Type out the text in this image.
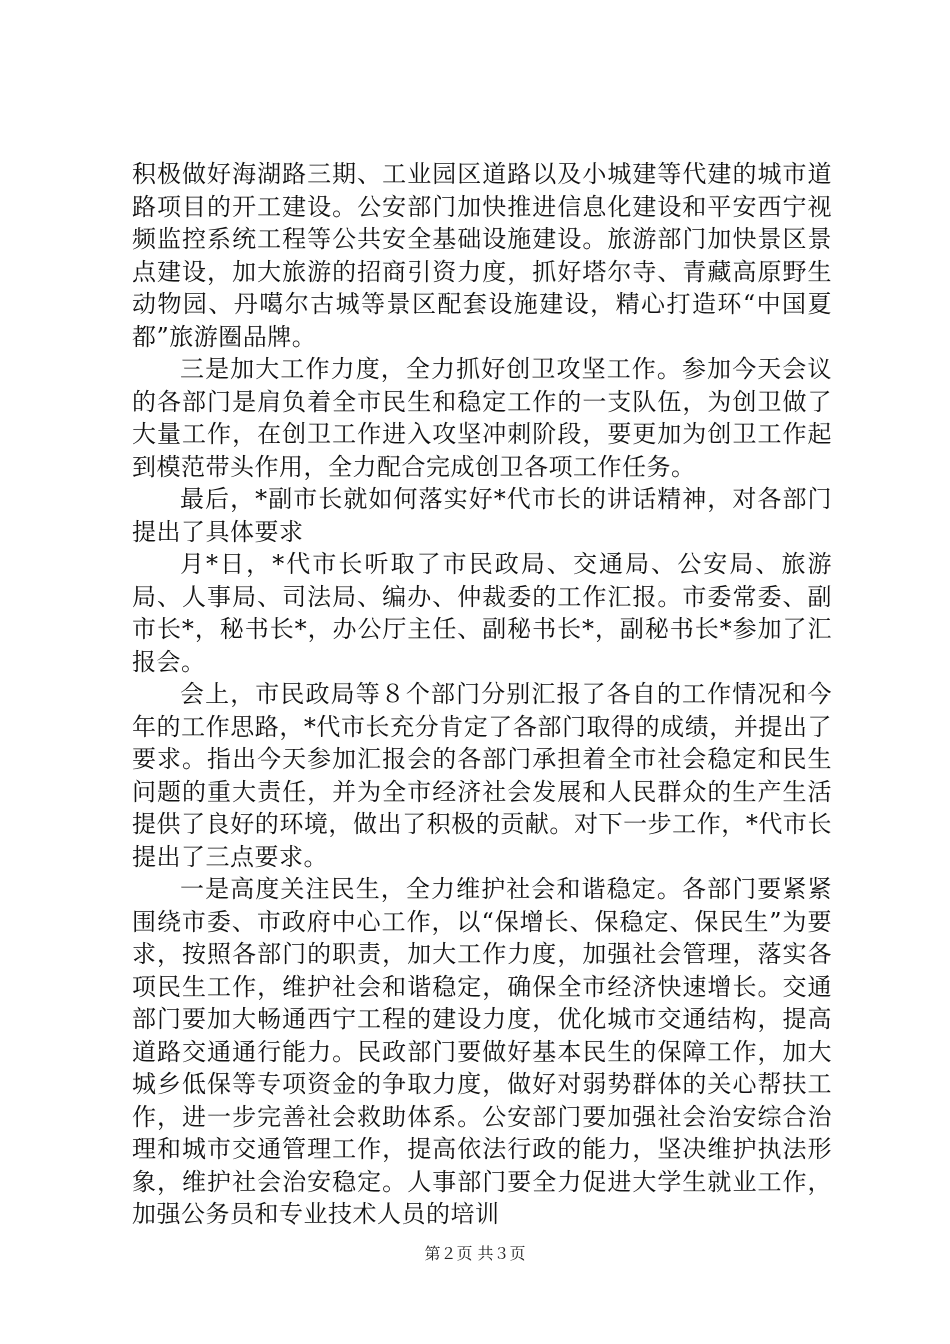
积极做好海湖路三期、工业园区道路以及小城建等代建的城市道路项目的开工建设。公安部门加快推进信息化建设和平安西宁视频监控系统工程等公共安全基础设施建设。旅游部门加快景区景点建设，加大旅游的招商引资力度，抓好塔尔寺、青藏高原野生动物园、丹噶尔古城等景区配套设施建设，精心打造环“中国夏都”旅游圈品牌。

三是加大工作力度，全力抓好创卫攻坚工作。参加今天会议的各部门是肩负着全市民生和稳定工作的一支队伍，为创卫做了大量工作，在创卫工作进入攻坚冲刺阶段，要更加为创卫工作起到模范带头作用，全力配合完成创卫各项工作任务。

最后，*副市长就如何落实好*代市长的讲话精神，对各部门提出了具体要求

月*日，*代市长听取了市民政局、交通局、公安局、旅游局、人事局、司法局、编办、仲裁委的工作汇报。市委常委、副市长*，秘书长*，办公厅主任、副秘书长*，副秘书长*参加了汇报会。

会上，市民政局等８个部门分别汇报了各自的工作情况和今年的工作思路，*代市长充分肯定了各部门取得的成绩，并提出了要求。指出今天参加汇报会的各部门承担着全市社会稳定和民生问题的重大责任，并为全市经济社会发展和人民群众的生产生活提供了良好的环境，做出了积极的贡献。对下一步工作，*代市长提出了三点要求。

一是高度关注民生，全力维护社会和谐稳定。各部门要紧紧围绕市委、市政府中心工作，以“保增长、保稳定、保民生”为要求，按照各部门的职责，加大工作力度，加强社会管理，落实各项民生工作，维护社会和谐稳定，确保全市经济快速增长。交通部门要加大畅通西宁工程的建设力度，优化城市交通结构，提高道路交通通行能力。民政部门要做好基本民生的保障工作，加大城乡低保等专项资金的争取力度，做好对弱势群体的关心帮扶工作，进一步完善社会救助体系。公安部门要加强社会治安综合治理和城市交通管理工作，提高依法行政的能力，坚决维护执法形象，维护社会治安稳定。人事部门要全力促进大学生就业工作，加强公务员和专业技术人员的培训

第２页 共３页
